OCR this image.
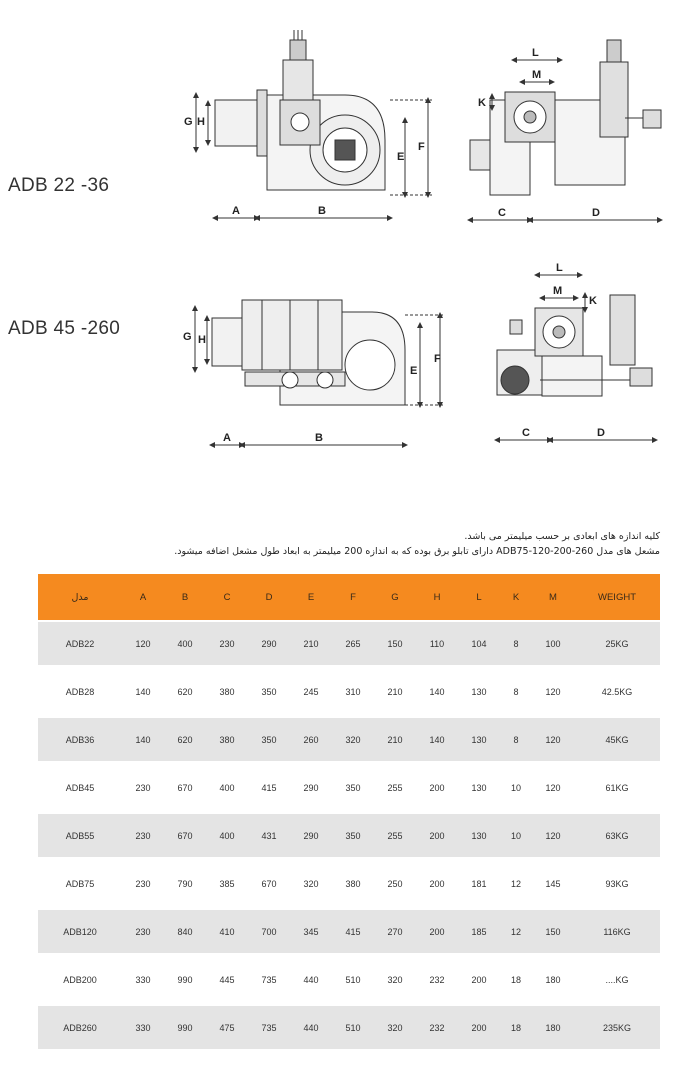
ADB 22 -36
ADB 45 -260
A	B
G H
E
F
C	D
L
M
K
A	B
G H
E
F
C	D
L
M
K
کلیه اندازه های ابعادی بر حسب میلیمتر می باشد.
مشعل های مدل ADB75-120-200-260 دارای تابلو برق بوده که به اندازه 200 میلیمتر به ابعاد طول مشعل اضافه میشود.
مدل	A	B	C	D	E	F	G	H	L	K	M	WEIGHT
ADB22	120	400	230	290	210	265	150	110	104	8	100	25KG
ADB28	140	620	380	350	245	310	210	140	130	8	120	42.5KG
ADB36	140	620	380	350	260	320	210	140	130	8	120	45KG
ADB45	230	670	400	415	290	350	255	200	130	10	120	61KG
ADB55	230	670	400	431	290	350	255	200	130	10	120	63KG
ADB75	230	790	385	670	320	380	250	200	181	12	145	93KG
ADB120	230	840	410	700	345	415	270	200	185	12	150	116KG
ADB200	330	990	445	735	440	510	320	232	200	18	180	....KG
ADB260	330	990	475	735	440	510	320	232	200	18	180	235KG
